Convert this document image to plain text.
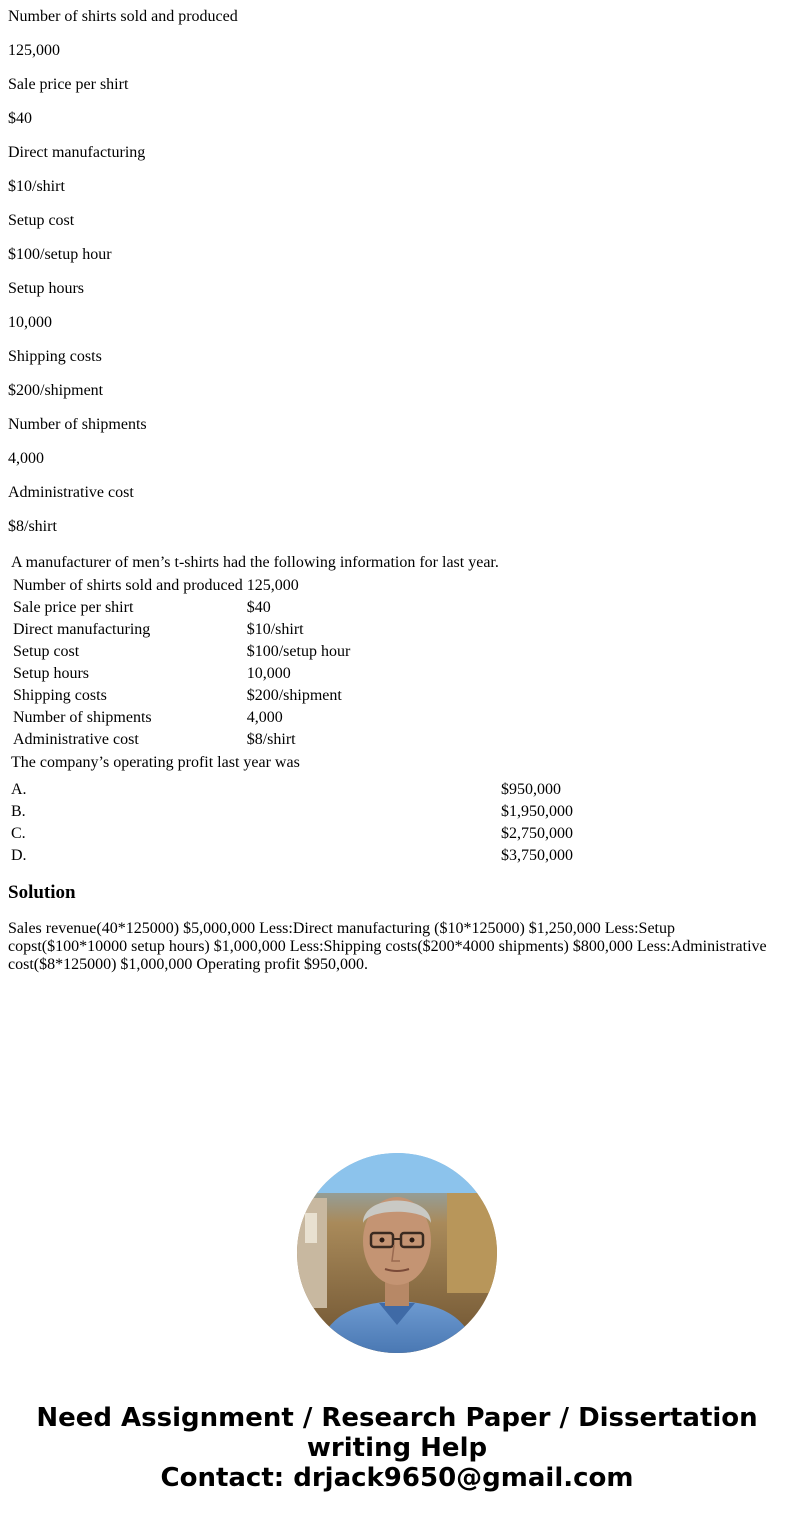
Number of shirts sold and produced

125,000

Sale price per shirt

$40

Direct manufacturing

$10/shirt

Setup cost

$100/setup hour

Setup hours

10,000

Shipping costs

$200/shipment

Number of shipments

4,000

Administrative cost

$8/shirt

A manufacturer of men’s t-shirts had the following information for last year.

Number of shirts sold and produced	125,000
Sale price per shirt	$40
Direct manufacturing	$10/shirt
Setup cost	$100/setup hour
Setup hours	10,000
Shipping costs	$200/shipment
Number of shipments	4,000
Administrative cost	$8/shirt

The company’s operating profit last year was

A.	$950,000
B.	$1,950,000
C.	$2,750,000
D.	$3,750,000
Solution

Sales revenue(40*125000) $5,000,000 Less:Direct manufacturing ($10*125000) $1,250,000 Less:Setup copst($100*10000 setup hours) $1,000,000 Less:Shipping costs($200*4000 shipments) $800,000 Less:Administrative cost($8*125000) $1,000,000 Operating profit $950,000.

Need Assignment / Research Paper / Dissertation
writing Help
Contact: drjack9650@gmail.com
